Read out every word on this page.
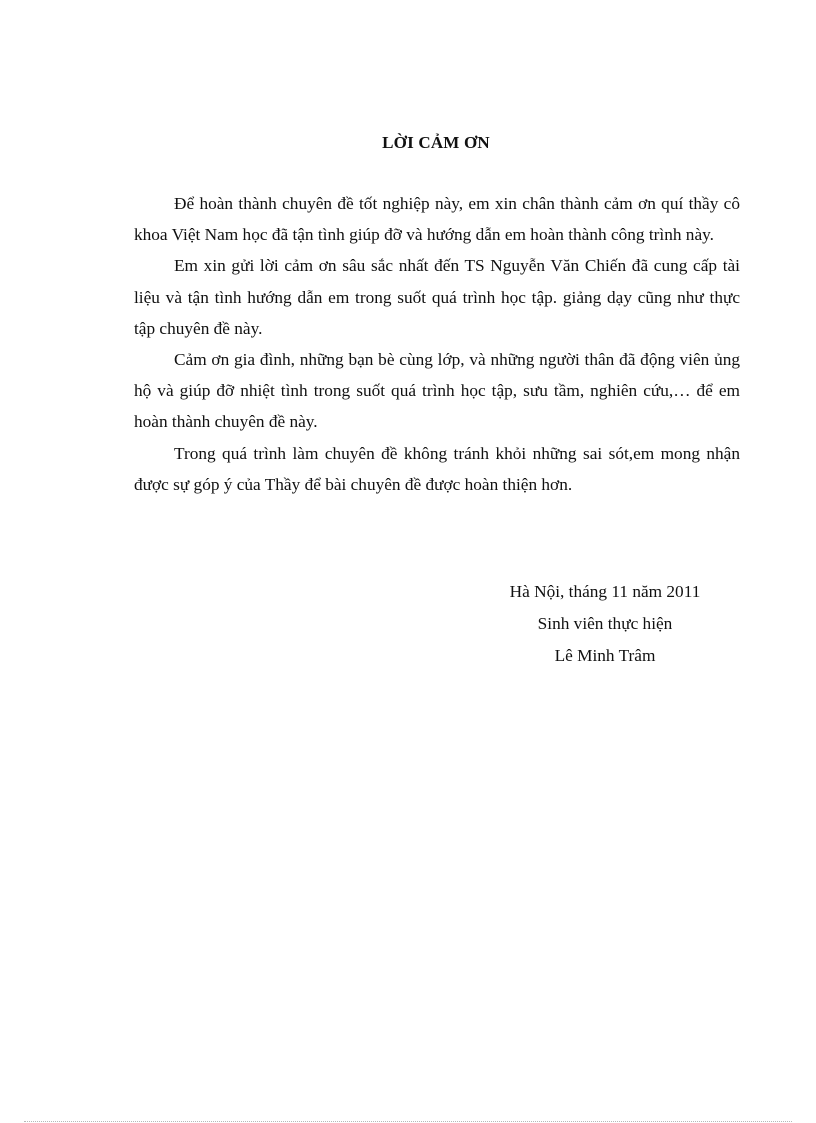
LỜI CẢM ƠN

Để hoàn thành chuyên đề tốt nghiệp này, em xin chân thành cảm ơn quí thầy cô khoa Việt Nam học đã tận tình giúp đỡ và hướng dẫn em hoàn thành công trình này.

Em xin gửi lời cảm ơn sâu sắc nhất đến TS Nguyễn Văn Chiến đã cung cấp tài liệu và tận tình hướng dẫn em trong suốt quá trình học tập. giảng dạy cũng như thực tập chuyên đề này.

Cảm ơn gia đình, những bạn bè cùng lớp, và những người thân đã động viên ủng hộ và giúp đỡ nhiệt tình trong suốt quá trình học tập, sưu tầm, nghiên cứu,… để em hoàn thành chuyên đề này.

Trong quá trình làm chuyên đề không tránh khỏi những sai sót,em mong nhận được sự góp ý của Thầy để bài chuyên đề được hoàn thiện hơn.

Hà Nội, tháng 11 năm 2011
Sinh viên thực hiện
Lê Minh Trâm
